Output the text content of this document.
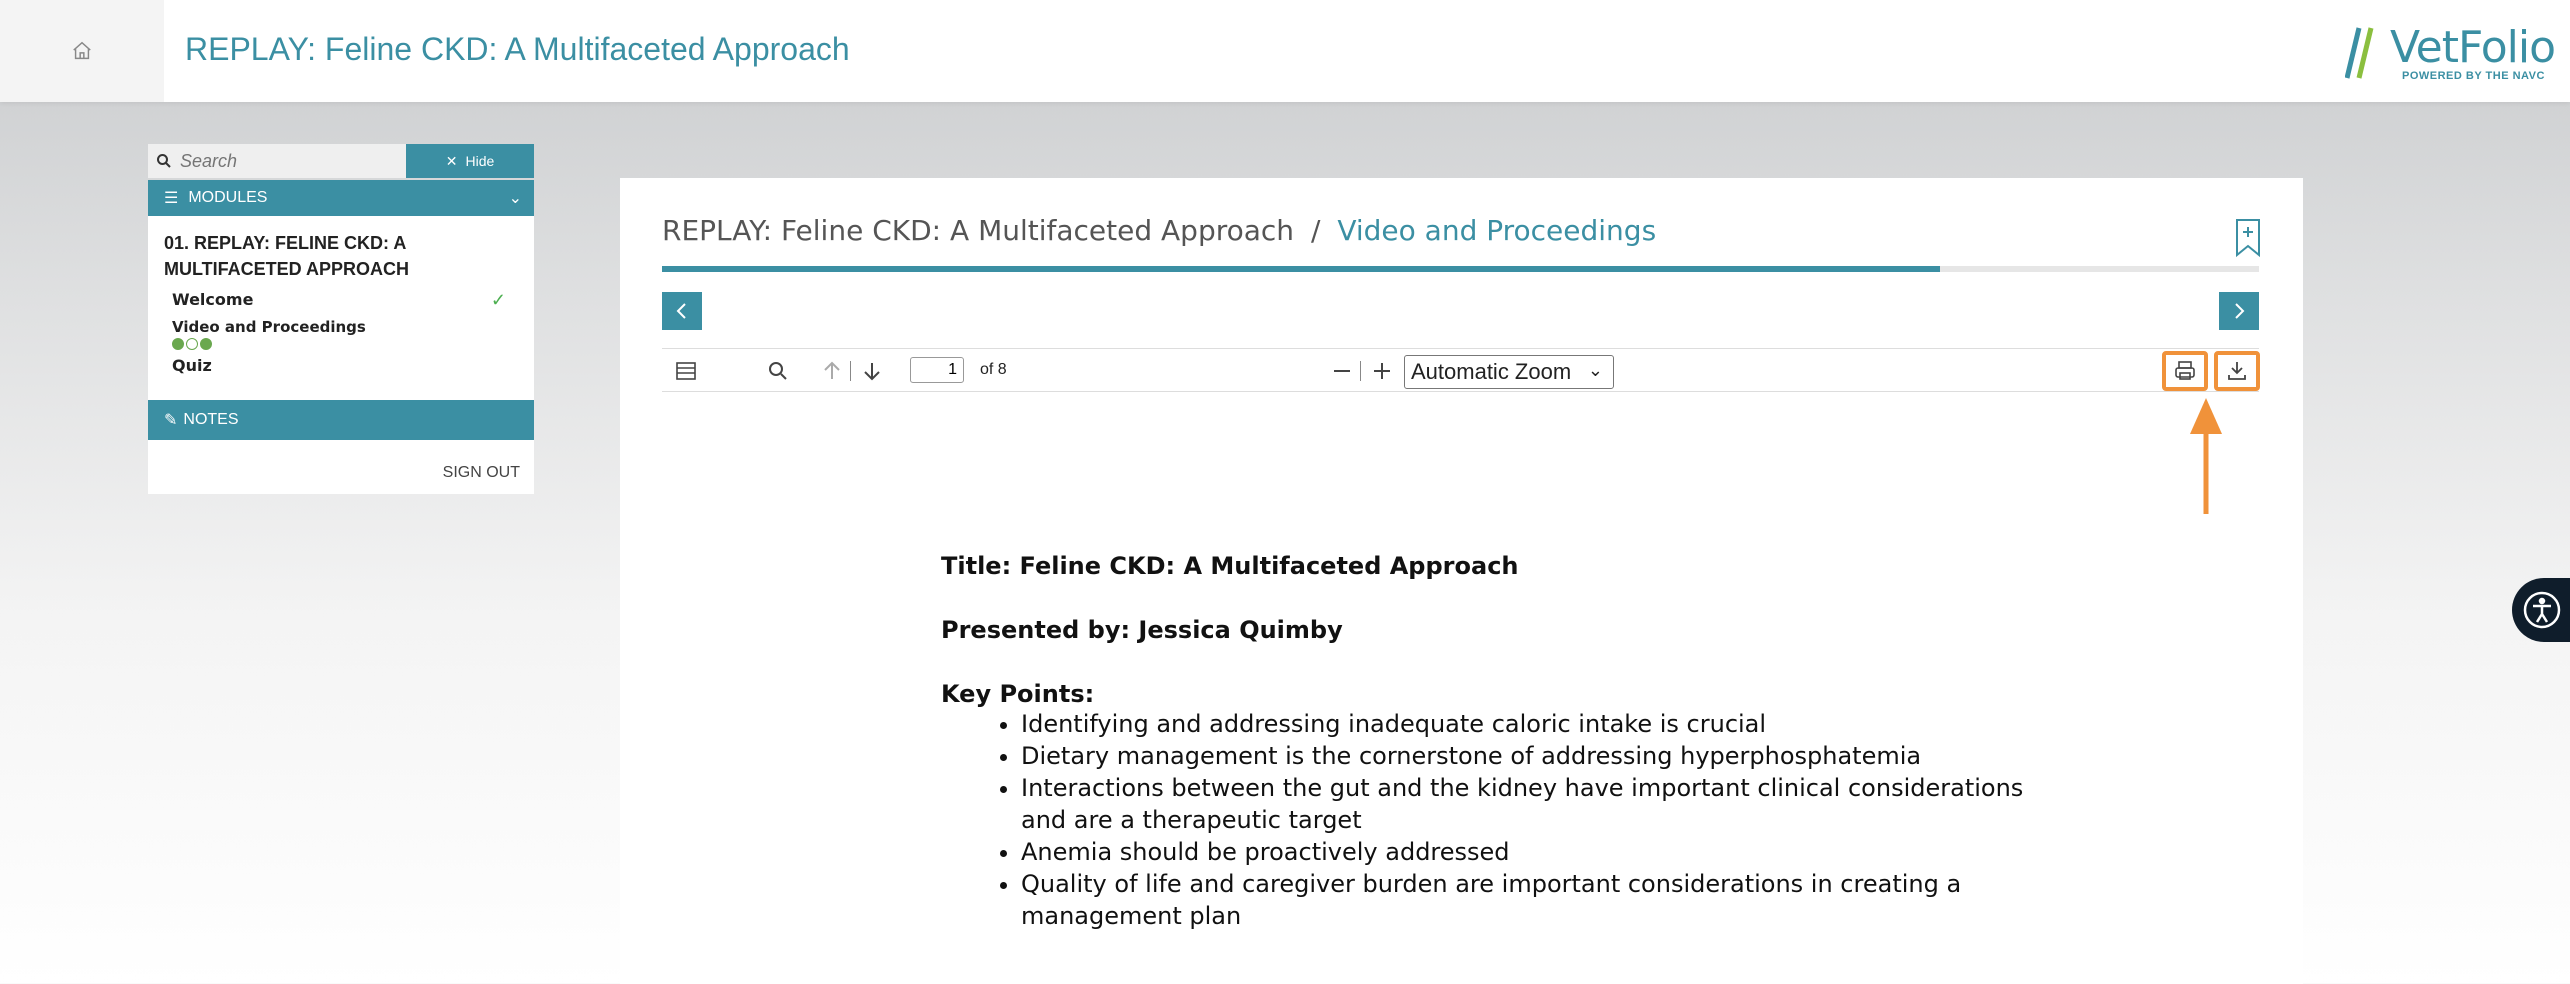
REPLAY: Feline CKD: A Multifaceted Approach	VetFolio
POWERED BY THE NAVC
Search
✕ Hide
☰ MODULES	⌄
01. REPLAY: FELINE CKD: A MULTIFACETED APPROACH
Welcome	✓
Video and Proceedings
Quiz
✎ NOTES
SIGN OUT
REPLAY: Feline CKD: A Multifaceted Approach / Video and Proceedings
1
of 8	Automatic Zoom ⌄
Title: Feline CKD: A Multifaceted Approach
Presented by: Jessica Quimby
Key Points:
• Identifying and addressing inadequate caloric intake is crucial
• Dietary management is the cornerstone of addressing hyperphosphatemia
• Interactions between the gut and the kidney have important clinical considerations and are a therapeutic target
• Anemia should be proactively addressed
• Quality of life and caregiver burden are important considerations in creating a management plan
